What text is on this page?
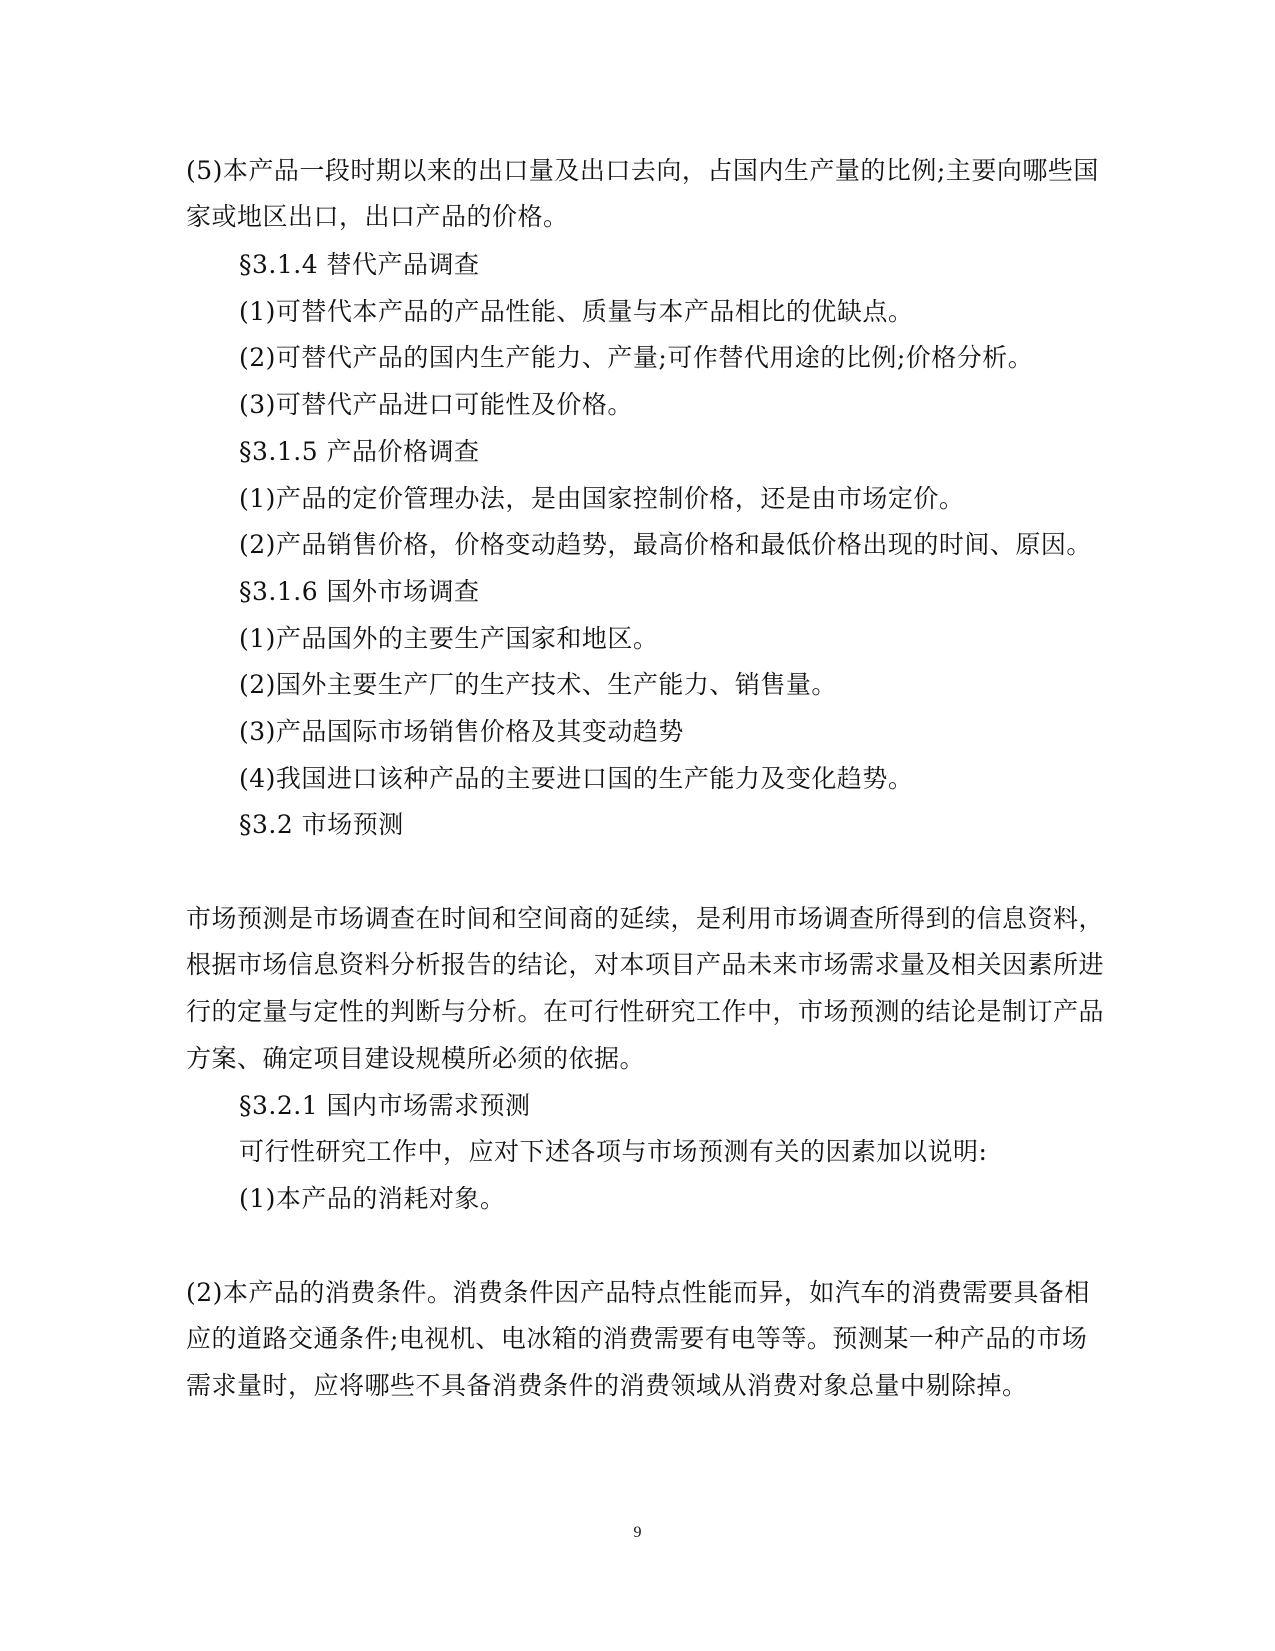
(5)本产品一段时期以来的出口量及出口去向，占国内生产量的比例;主要向哪些国
家或地区出口，出口产品的价格。
§3.1.4 替代产品调查
(1)可替代本产品的产品性能、质量与本产品相比的优缺点。
(2)可替代产品的国内生产能力、产量;可作替代用途的比例;价格分析。
(3)可替代产品进口可能性及价格。
§3.1.5 产品价格调查
(1)产品的定价管理办法，是由国家控制价格，还是由市场定价。
(2)产品销售价格，价格变动趋势，最高价格和最低价格出现的时间、原因。
§3.1.6 国外市场调查
(1)产品国外的主要生产国家和地区。
(2)国外主要生产厂的生产技术、生产能力、销售量。
(3)产品国际市场销售价格及其变动趋势
(4)我国进口该种产品的主要进口国的生产能力及变化趋势。
§3.2 市场预测
市场预测是市场调查在时间和空间商的延续，是利用市场调查所得到的信息资料，
根据市场信息资料分析报告的结论，对本项目产品未来市场需求量及相关因素所进
行的定量与定性的判断与分析。在可行性研究工作中，市场预测的结论是制订产品
方案、确定项目建设规模所必须的依据。
§3.2.1 国内市场需求预测
可行性研究工作中，应对下述各项与市场预测有关的因素加以说明:
(1)本产品的消耗对象。
(2)本产品的消费条件。消费条件因产品特点性能而异，如汽车的消费需要具备相
应的道路交通条件;电视机、电冰箱的消费需要有电等等。预测某一种产品的市场
需求量时，应将哪些不具备消费条件的消费领域从消费对象总量中剔除掉。
9
